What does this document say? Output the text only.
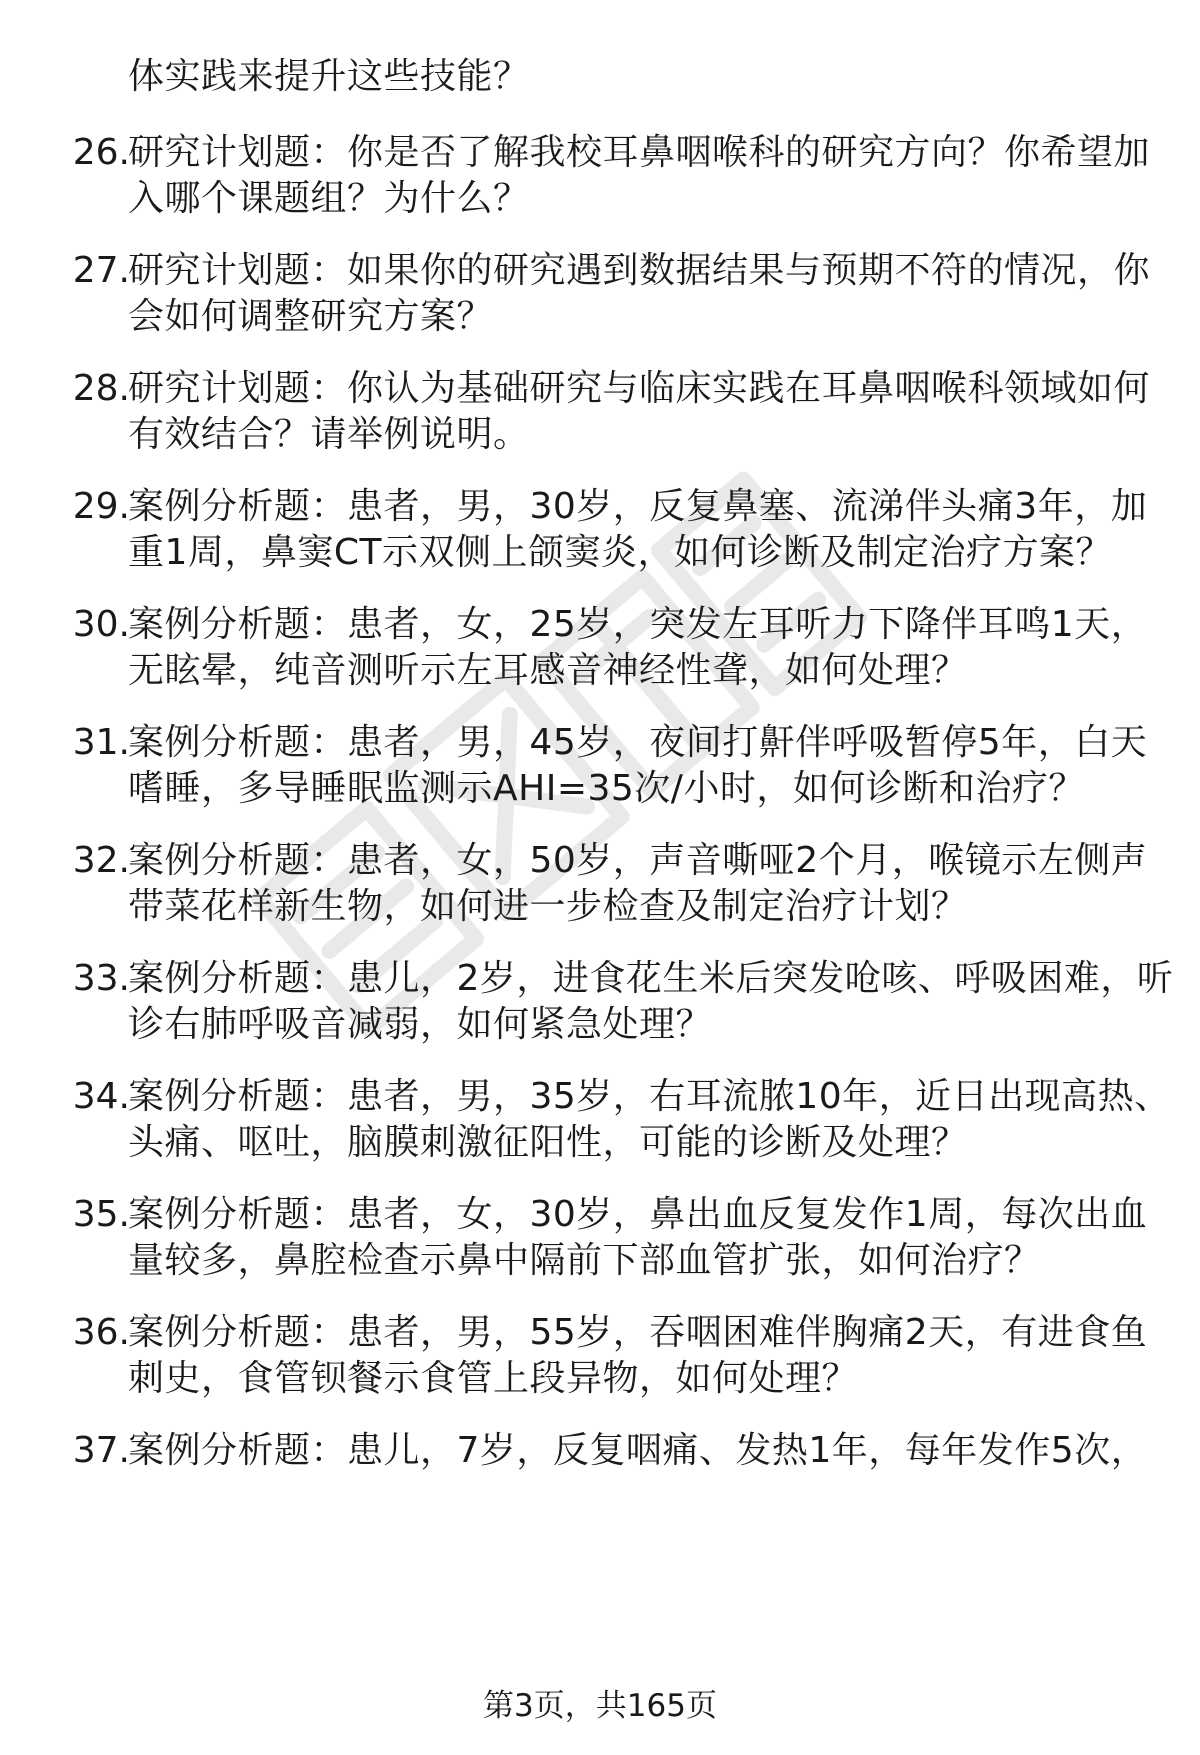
体实践来提升这些技能？
26.
研究计划题：你是否了解我校耳鼻咽喉科的研究方向？你希望加
入哪个课题组？为什么？
27.
研究计划题：如果你的研究遇到数据结果与预期不符的情况，你
会如何调整研究方案？
28.
研究计划题：你认为基础研究与临床实践在耳鼻咽喉科领域如何
有效结合？请举例说明。
29.
案例分析题：患者，男，30岁，反复鼻塞、流涕伴头痛3年，加
重1周，鼻窦CT示双侧上颌窦炎，如何诊断及制定治疗方案？
30.
案例分析题：患者，女，25岁，突发左耳听力下降伴耳鸣1天，
无眩晕，纯音测听示左耳感音神经性聋，如何处理？
31.
案例分析题：患者，男，45岁，夜间打鼾伴呼吸暂停5年，白天
嗜睡，多导睡眠监测示AHI=35次/小时，如何诊断和治疗？
32.
案例分析题：患者，女，50岁，声音嘶哑2个月，喉镜示左侧声
带菜花样新生物，如何进一步检查及制定治疗计划？
33.
案例分析题：患儿，2岁，进食花生米后突发呛咳、呼吸困难，听
诊右肺呼吸音减弱，如何紧急处理？
34.
案例分析题：患者，男，35岁，右耳流脓10年，近日出现高热、
头痛、呕吐，脑膜刺激征阳性，可能的诊断及处理？
35.
案例分析题：患者，女，30岁，鼻出血反复发作1周，每次出血
量较多，鼻腔检查示鼻中隔前下部血管扩张，如何治疗？
36.
案例分析题：患者，男，55岁，吞咽困难伴胸痛2天，有进食鱼
刺史，食管钡餐示食管上段异物，如何处理？
37.
案例分析题：患儿，7岁，反复咽痛、发热1年，每年发作5次，
第3页，共165页
